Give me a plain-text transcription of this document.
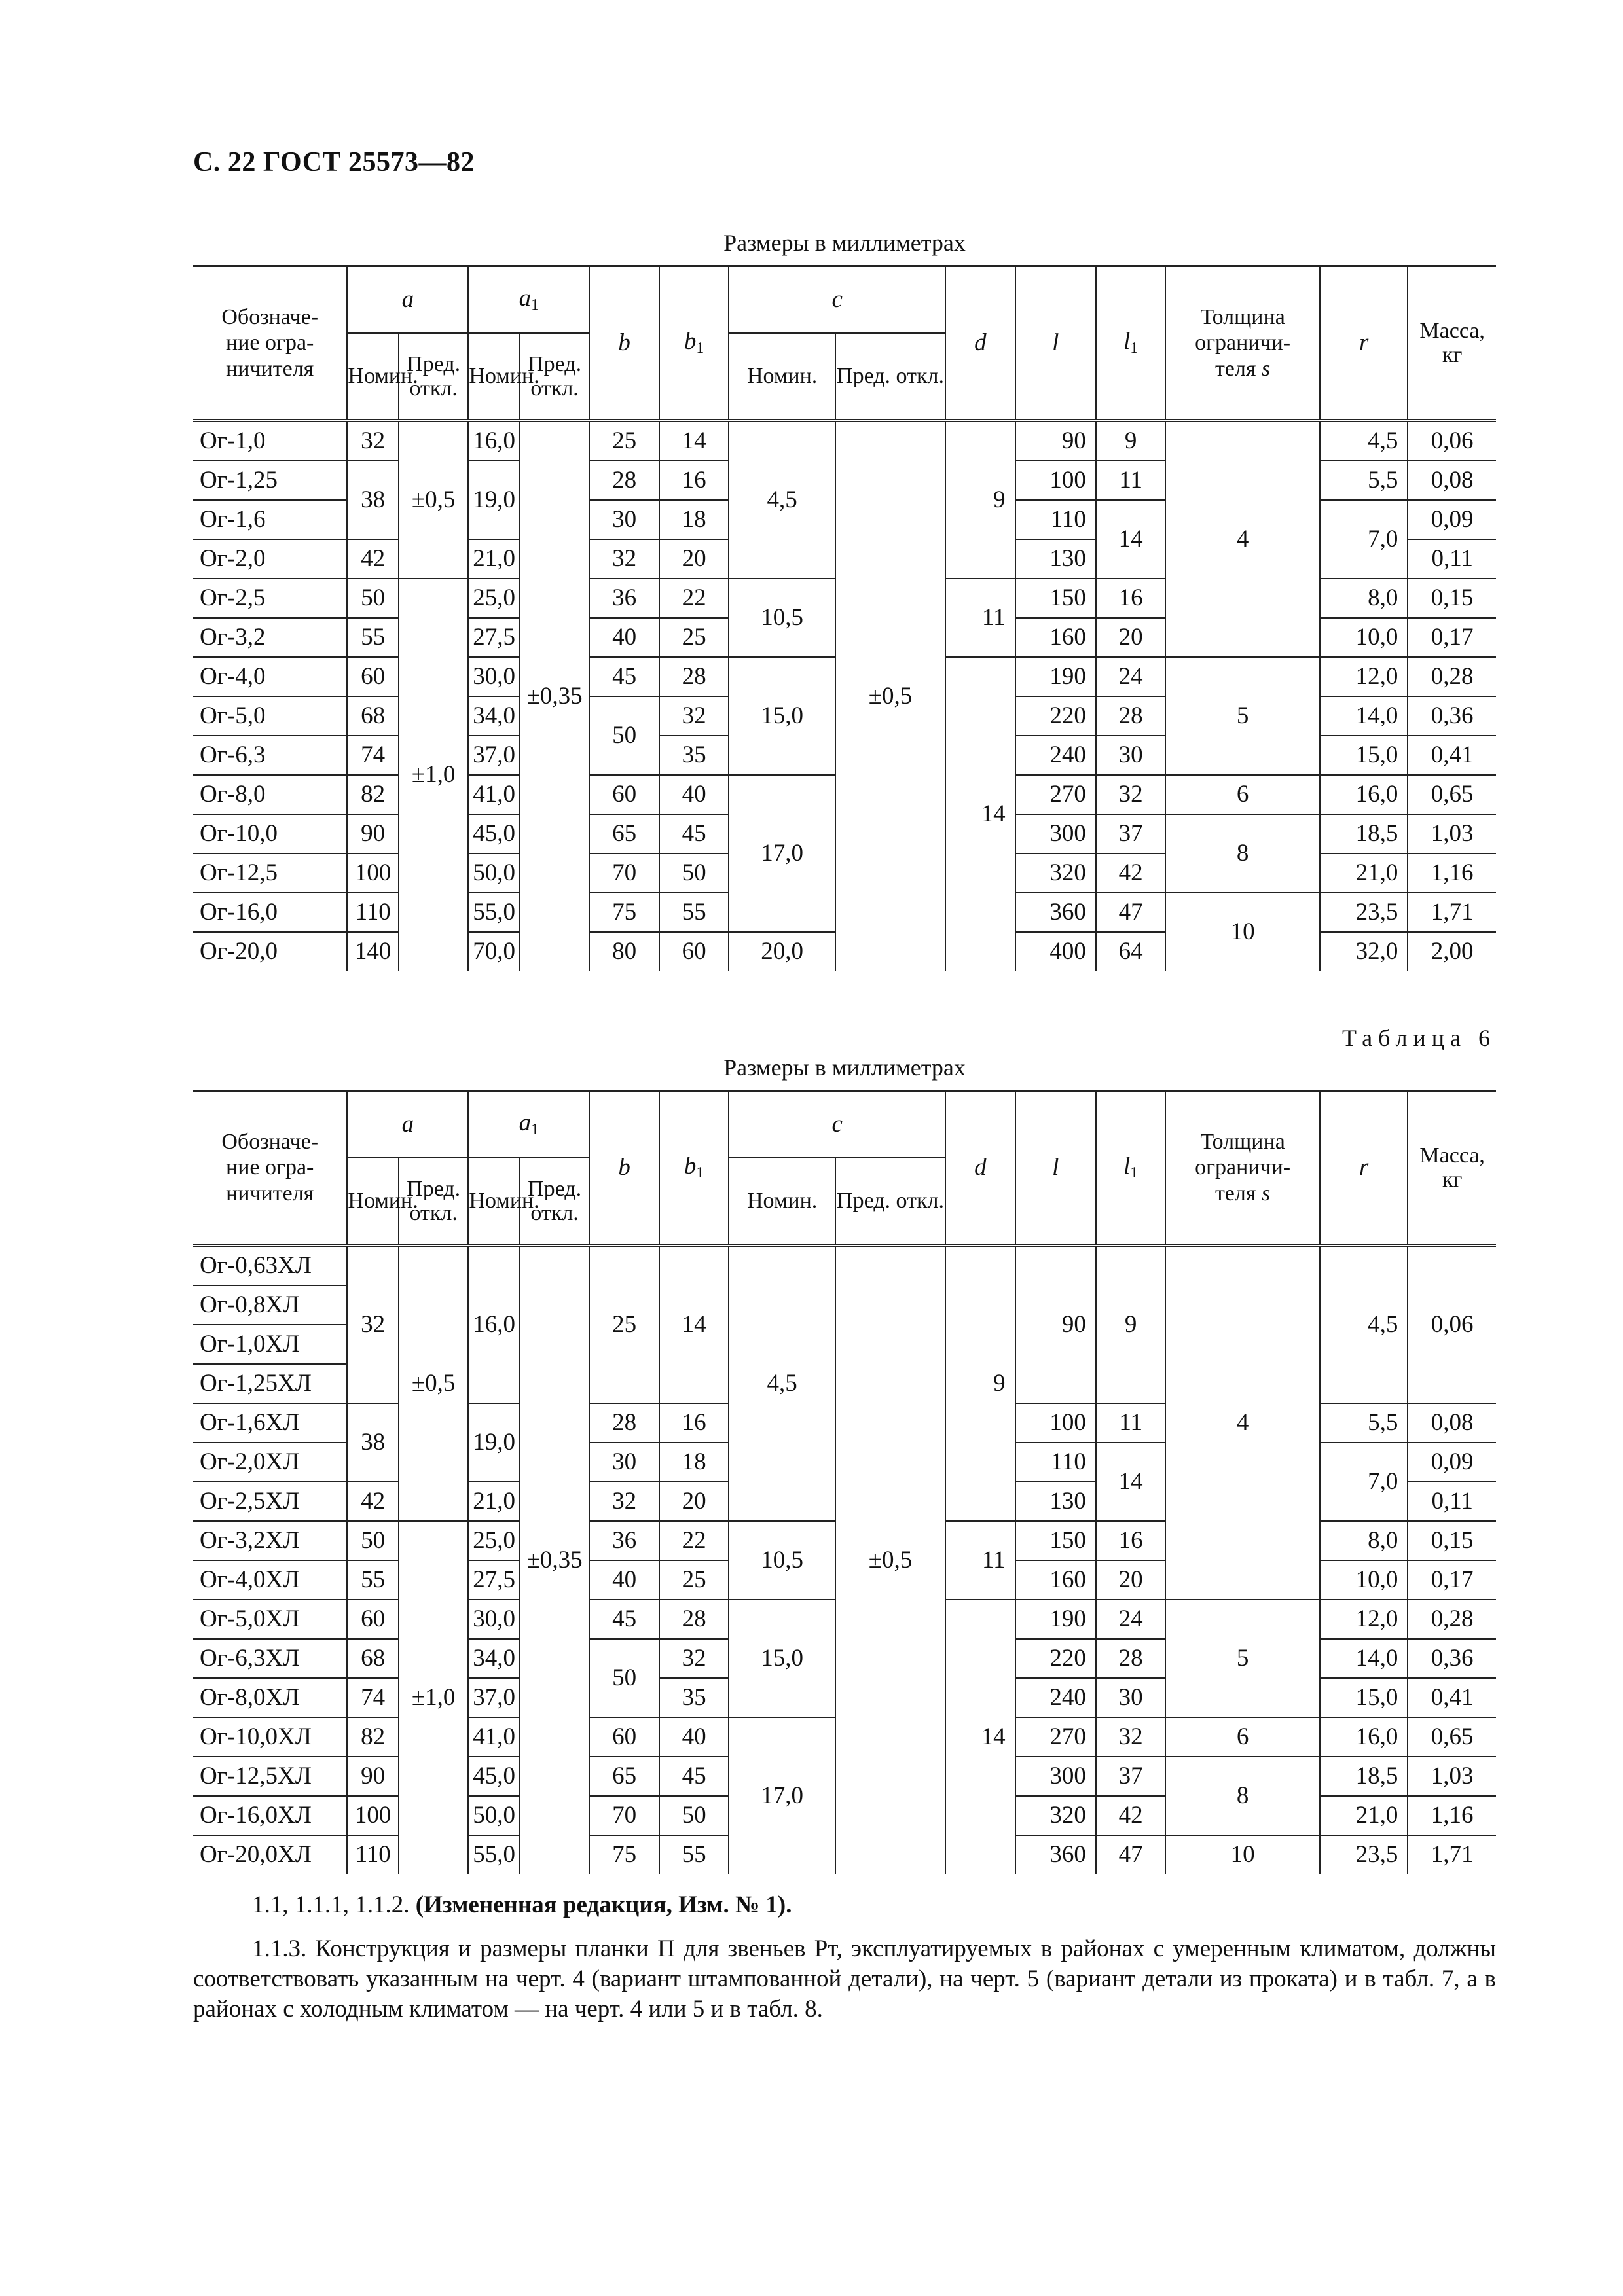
С. 22 ГОСТ 25573—82
Размеры в миллиметрах
Обозначе-
ние огра-
ничителя	a		$a_1$		b	$b_1$	c		d	l	$l_1$	Толщина
ограничи-
теля s	r	Масса, кг
	Номин.	Пред. откл.	Номин.	Пред. откл.			Номин.	Пред. откл.						
Ог-1,0	32	±0,5	16,0	±0,35	25	14	4,5	±0,5	9	90	9	4	4,5	0,06
Ог-1,25	38		19,0		28	16				100	11		5,5	0,08
Ог-1,6					30	18				110	14		7,0	0,09
Ог-2,0	42		21,0		32	20				130				0,11
Ог-2,5	50	±1,0	25,0		36	22	10,5		11	150	16		8,0	0,15
Ог-3,2	55		27,5		40	25				160	20		10,0	0,17
Ог-4,0	60		30,0		45	28	15,0		14	190	24	5	12,0	0,28
Ог-5,0	68		34,0		50	32				220	28		14,0	0,36
Ог-6,3	74		37,0			35				240	30		15,0	0,41
Ог-8,0	82		41,0		60	40	17,0			270	32	6	16,0	0,65
Ог-10,0	90		45,0		65	45				300	37	8	18,5	1,03
Ог-12,5	100		50,0		70	50				320	42		21,0	1,16
Ог-16,0	110		55,0		75	55				360	47	10	23,5	1,71
Ог-20,0	140		70,0		80	60	20,0			400	64		32,0	2,00
Таблица 6
Размеры в миллиметрах
Обозначе-
ние огра-
ничителя	a		$a_1$		b	$b_1$	c		d	l	$l_1$	Толщина
ограничи-
теля s	r	Масса, кг
	Номин.	Пред. откл.	Номин.	Пред. откл.			Номин.	Пред. откл.						
Ог-0,63ХЛ	32	±0,5	16,0	±0,35	25	14	4,5	±0,5	9	90	9	4	4,5	0,06
Ог-0,8ХЛ														
Ог-1,0ХЛ														
Ог-1,25ХЛ														
Ог-1,6ХЛ	38		19,0		28	16				100	11		5,5	0,08
Ог-2,0ХЛ					30	18				110	14		7,0	0,09
Ог-2,5ХЛ	42		21,0		32	20				130				0,11
Ог-3,2ХЛ	50	±1,0	25,0		36	22	10,5		11	150	16		8,0	0,15
Ог-4,0ХЛ	55		27,5		40	25				160	20		10,0	0,17
Ог-5,0ХЛ	60		30,0		45	28	15,0		14	190	24	5	12,0	0,28
Ог-6,3ХЛ	68		34,0		50	32				220	28		14,0	0,36
Ог-8,0ХЛ	74		37,0			35				240	30		15,0	0,41
Ог-10,0ХЛ	82		41,0		60	40	17,0			270	32	6	16,0	0,65
Ог-12,5ХЛ	90		45,0		65	45				300	37	8	18,5	1,03
Ог-16,0ХЛ	100		50,0		70	50				320	42		21,0	1,16
Ог-20,0ХЛ	110		55,0		75	55				360	47	10	23,5	1,71
1.1, 1.1.1, 1.1.2. (Измененная редакция, Изм. № 1).
1.1.3. Конструкция и размеры планки П для звеньев Рт, эксплуатируемых в районах с умеренным климатом, должны соответствовать указанным на черт. 4 (вариант штампованной детали), на черт. 5 (вариант детали из проката) и в табл. 7, а в районах с холодным климатом — на черт. 4 или 5 и в табл. 8.
